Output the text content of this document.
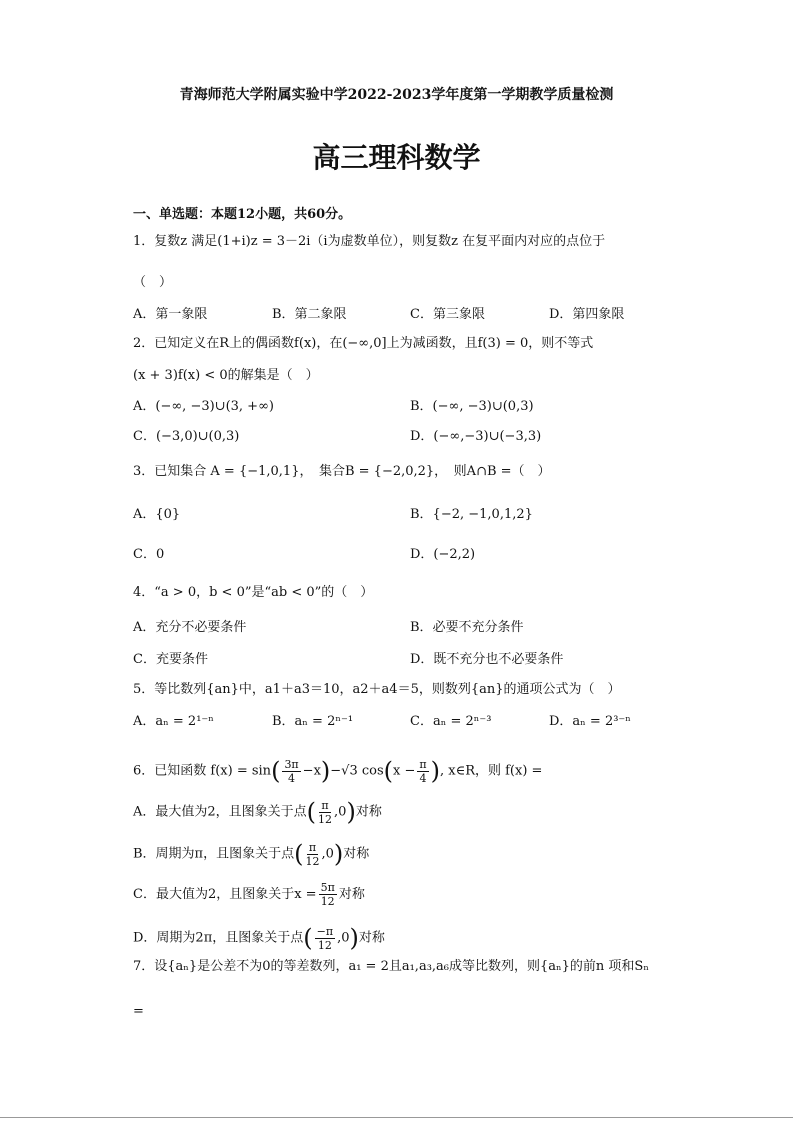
青海师范大学附属实验中学2022-2023学年度第一学期教学质量检测
高三理科数学
一、单选题：本题12小题，共60分。
1．复数z 满足(1+i)z = 3－2i（i为虚数单位），则复数z 在复平面内对应的点位于
（　）
A．第一象限	B．第二象限	C．第三象限	D．第四象限
2．已知定义在R上的偶函数f(x)，在(−∞,0]上为减函数，且f(3) = 0，则不等式
(x + 3)f(x) < 0的解集是（　）
A．(−∞, −3)∪(3, +∞)	B．(−∞, −3)∪(0,3)
C．(−3,0)∪(0,3)	D．(−∞,−3)∪(−3,3)
3．已知集合 A = {−1,0,1}，　集合B = {−2,0,2}，　则A∩B =（　）
A．{0}	B．{−2, −1,0,1,2}
C．0	D．(−2,2)
4．“a > 0，b < 0”是“ab < 0”的（　）
A．充分不必要条件	B．必要不充分条件
C．充要条件	D．既不充分也不必要条件
5．等比数列{an}中，a1＋a3＝10，a2＋a4＝5，则数列{an}的通项公式为（　）
A．aₙ = 2¹⁻ⁿ	B．aₙ = 2ⁿ⁻¹	C．aₙ = 2ⁿ⁻³	D．aₙ = 2³⁻ⁿ
6．已知函数 $f(x) = \sin( \frac{3\pi}{4} -x)-√3$ $\cos(x - \frac{\pi}{4}$ ), x∈R，则 f(x) =
A．最大值为2，且图象关于点( $\frac{\pi}{12} ,0$)对称
B．周期为π，且图象关于点( $\frac{\pi}{12} ,0$)对称
C．最大值为2，且图象关于$x = \frac{5\pi}{12}$ 对称
D．周期为2π，且图象关于点( $\frac{-\pi}{12} ,0$)对称
7．设{aₙ}是公差不为0的等差数列，a₁ = 2且a₁,a₃,a₆成等比数列，则{aₙ}的前n 项和Sₙ
=
